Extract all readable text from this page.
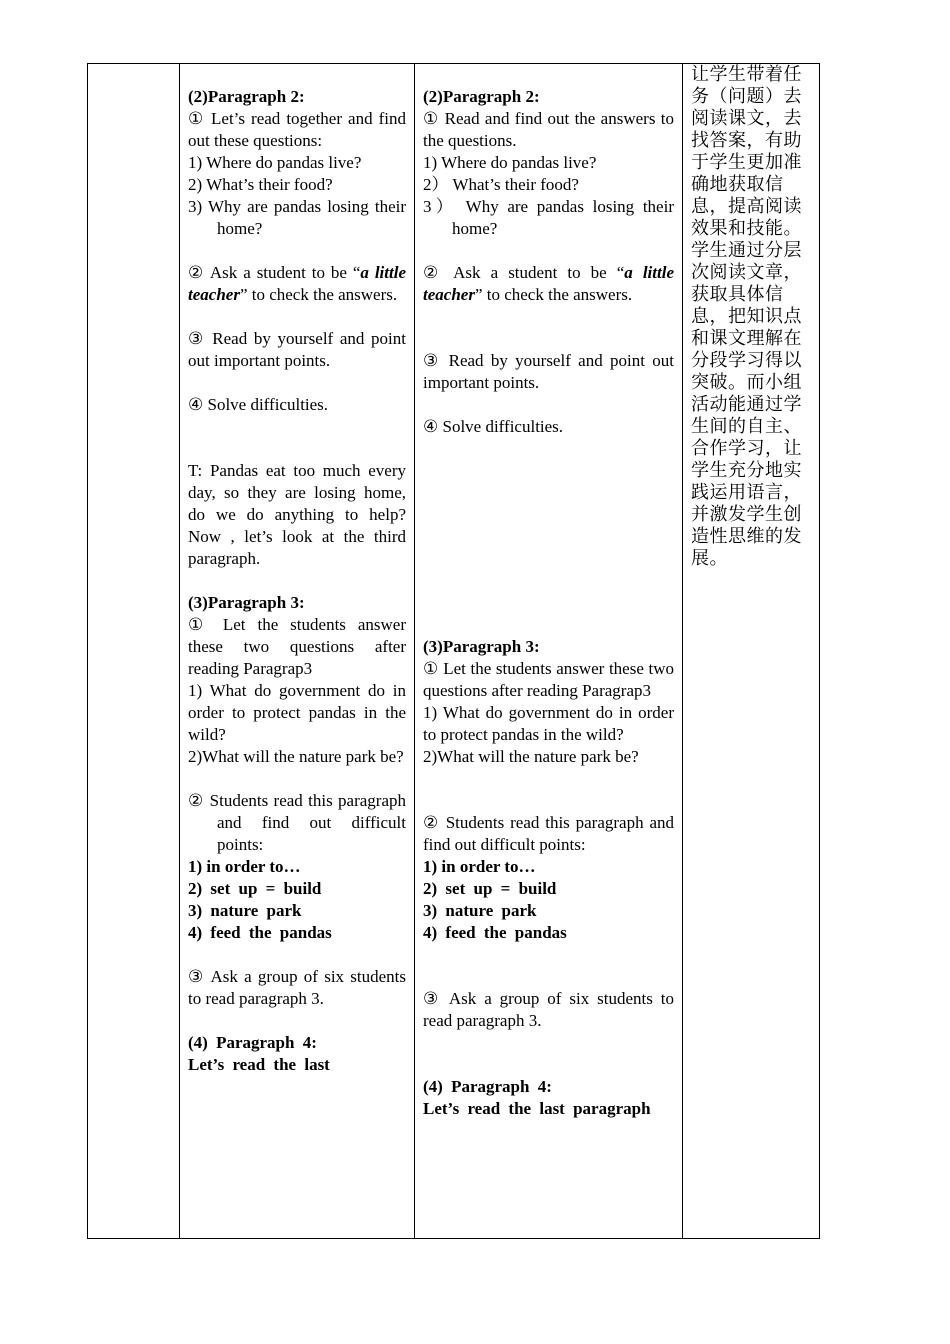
(2)Paragraph 2:

① Let’s read together and find out these questions:

1) Where do pandas live?

2) What’s their food?

3) Why are pandas losing their home?

② Ask a student to be “a little teacher” to check the answers.

③ Read by yourself and point out important points.

④ Solve difficulties.

T: Pandas eat too much every day, so they are losing home, do we do anything to help? Now , let’s look at the third paragraph.

(3)Paragraph 3:

① Let the students answer these two questions after reading Paragrap3

1) What do government do in order to protect pandas in the wild?

2)What will the nature park be?

② Students read this paragraph and find out difficult points:

1) in order to…

2) set up = build

3) nature park

4) feed the pandas

③ Ask a group of six students to read paragraph 3.

(4) Paragraph 4:

Let’s read the last

(2)Paragraph 2:

① Read and find out the answers to the questions.

1) Where do pandas live?

2） What’s their food?

3） Why are pandas losing their home?

② Ask a student to be “a little teacher” to check the answers.

③ Read by yourself and point out important points.

④ Solve difficulties.

(3)Paragraph 3:

① Let the students answer these two questions after reading Paragrap3

1) What do government do in order to protect pandas in the wild?

2)What will the nature park be?

② Students read this paragraph and find out difficult points:

1) in order to…

2) set up = build

3) nature park

4) feed the pandas

③ Ask a group of six students to read paragraph 3.

(4) Paragraph 4:

Let’s read the last paragraph

让学生带着任务（问题）去阅读课文，去找答案，有助于学生更加准确地获取信息，提高阅读效果和技能。学生通过分层次阅读文章，获取具体信息，把知识点和课文理解在分段学习得以突破。而小组活动能通过学生间的自主、合作学习，让学生充分地实践运用语言，并激发学生创造性思维的发展。
